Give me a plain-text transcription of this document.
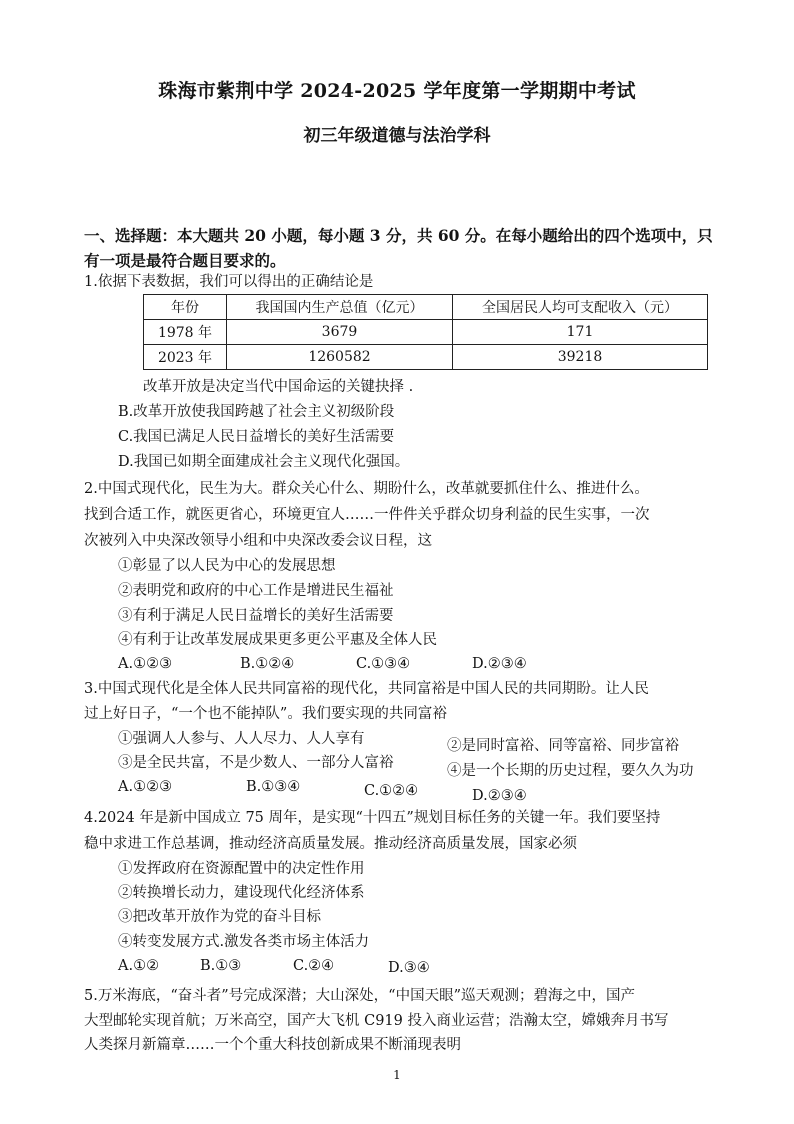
珠海市紫荆中学 2024-2025 学年度第一学期期中考试
初三年级道德与法治学科
一、选择题：本大题共 20 小题，每小题 3 分，共 60 分。在每小题给出的四个选项中，只有一项是最符合题目要求的。
1.依据下表数据，我们可以得出的正确结论是
年份	我国国内生产总值（亿元）	全国居民人均可支配收入（元）
1978 年	3679	171
2023 年	1260582	39218
改革开放是决定当代中国命运的关键抉择 .
B.改革开放使我国跨越了社会主义初级阶段
C.我国已满足人民日益增长的美好生活需要
D.我国已如期全面建成社会主义现代化强国。
2.中国式现代化，民生为大。群众关心什么、期盼什么，改革就要抓住什么、推进什么。
找到合适工作，就医更省心，环境更宜人……一件件关乎群众切身利益的民生实事，一次
次被列入中央深改领导小组和中央深改委会议日程，这
①彰显了以人民为中心的发展思想
②表明党和政府的中心工作是增进民生福祉
③有利于满足人民日益增长的美好生活需要
④有利于让改革发展成果更多更公平惠及全体人民
A.①②③	B.①②④	C.①③④	D.②③④
3.中国式现代化是全体人民共同富裕的现代化，共同富裕是中国人民的共同期盼。让人民
过上好日子，“一个也不能掉队”。我们要实现的共同富裕
①强调人人参与、人人尽力、人人享有	②是同时富裕、同等富裕、同步富裕
③是全民共富，不是少数人、一部分人富裕	④是一个长期的历史过程，要久久为功
A.①②③	B.①③④	C.①②④	D.②③④
4.2024 年是新中国成立 75 周年，是实现“十四五”规划目标任务的关键一年。我们要坚持
稳中求进工作总基调，推动经济高质量发展。推动经济高质量发展，国家必须
①发挥政府在资源配置中的决定性作用
②转换增长动力，建设现代化经济体系
③把改革开放作为党的奋斗目标
④转变发展方式.激发各类市场主体活力
A.①②	B.①③	C.②④	D.③④
5.万米海底，“奋斗者”号完成深潜；大山深处，“中国天眼”巡天观测；碧海之中，国产
大型邮轮实现首航；万米高空，国产大飞机 C919 投入商业运营；浩瀚太空，嫦娥奔月书写
人类探月新篇章……一个个重大科技创新成果不断涌现表明
1
